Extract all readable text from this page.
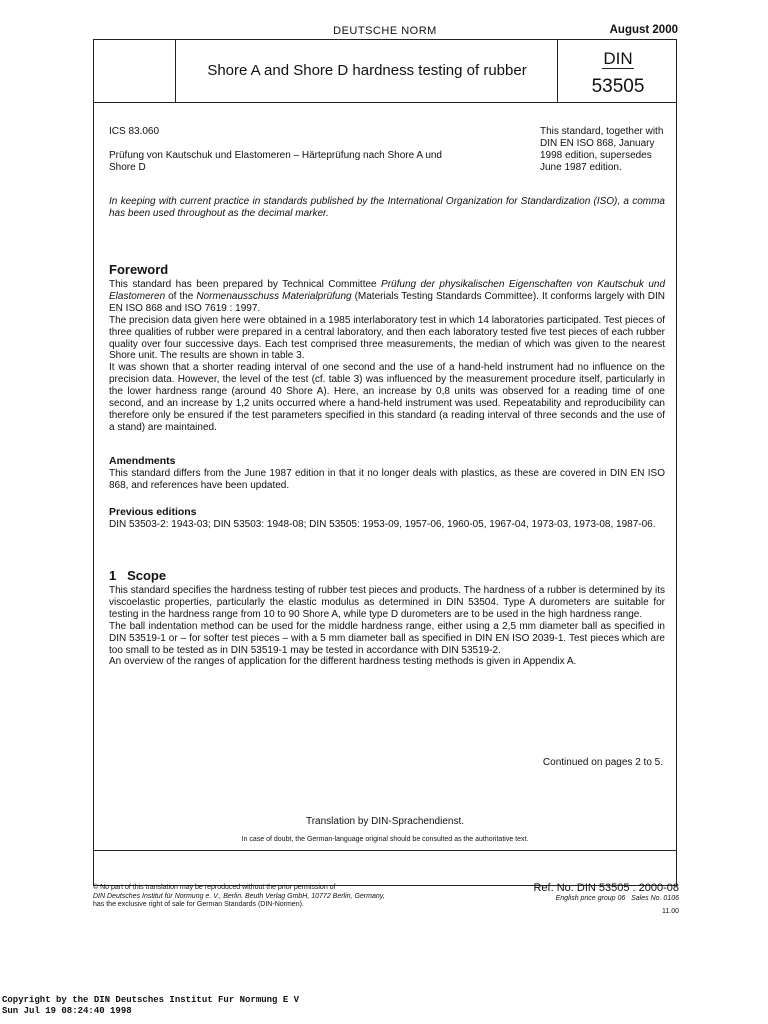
DEUTSCHE NORM	August 2000
Shore A and Shore D hardness testing of rubber
DIN
53505
ICS 83.060
Prüfung von Kautschuk und Elastomeren – Härteprüfung nach Shore A und Shore D
This standard, together with DIN EN ISO 868, January 1998 edition, supersedes June 1987 edition.
In keeping with current practice in standards published by the International Organization for Standardization (ISO), a comma has been used throughout as the decimal marker.
Foreword

This standard has been prepared by Technical Committee Prüfung der physikalischen Eigenschaften von Kautschuk und Elastomeren of the Normenausschuss Materialprüfung (Materials Testing Standards Committee). It conforms largely with DIN EN ISO 868 and ISO 7619 : 1997.

The precision data given here were obtained in a 1985 interlaboratory test in which 14 laboratories participated. Test pieces of three qualities of rubber were prepared in a central laboratory, and then each laboratory tested five test pieces of each rubber quality over four successive days. Each test comprised three measurements, the median of which was given to the nearest Shore unit. The results are shown in table 3.

It was shown that a shorter reading interval of one second and the use of a hand-held instrument had no influence on the precision data. However, the level of the test (cf. table 3) was influenced by the measurement procedure itself, particularly in the lower hardness range (around 40 Shore A). Here, an increase by 0,8 units was observed for a reading time of one second, and an increase by 1,2 units occurred where a hand-held instrument was used. Repeatability and reproducibility can therefore only be ensured if the test parameters specified in this standard (a reading interval of three seconds and the use of a stand) are maintained.

Amendments

This standard differs from the June 1987 edition in that it no longer deals with plastics, as these are covered in DIN EN ISO 868, and references have been updated.

Previous editions

DIN 53503-2: 1943-03; DIN 53503: 1948-08; DIN 53505: 1953-09, 1957-06, 1960-05, 1967-04, 1973-03, 1973-08, 1987-06.

1   Scope

This standard specifies the hardness testing of rubber test pieces and products. The hardness of a rubber is determined by its viscoelastic properties, particularly the elastic modulus as determined in DIN 53504. Type A durometers are suitable for testing in the hardness range from 10 to 90 Shore A, while type D durometers are to be used in the high hardness range.

The ball indentation method can be used for the middle hardness range, either using a 2,5 mm diameter ball as specified in DIN 53519-1 or – for softer test pieces – with a 5 mm diameter ball as specified in DIN EN ISO 2039-1. Test pieces which are too small to be tested as in DIN 53519-1 may be tested in accordance with DIN 53519-2.

An overview of the ranges of application for the different hardness testing methods is given in Appendix A.

Continued on pages 2 to 5.
Translation by DIN-Sprachendienst.
In case of doubt, the German-language original should be consulted as the authoritative text.
© No part of this translation may be reproduced without the prior permission of
DIN Deutsches Institut für Normung e. V., Berlin. Beuth Verlag GmbH, 10772 Berlin, Germany,
has the exclusive right of sale for German Standards (DIN-Normen).
Ref. No. DIN 53505 : 2000-08
English price group 06 Sales No. 0106
11.00
Copyright by the DIN Deutsches Institut Fur Normung E V
Sun Jul 19 08:24:40 1998
